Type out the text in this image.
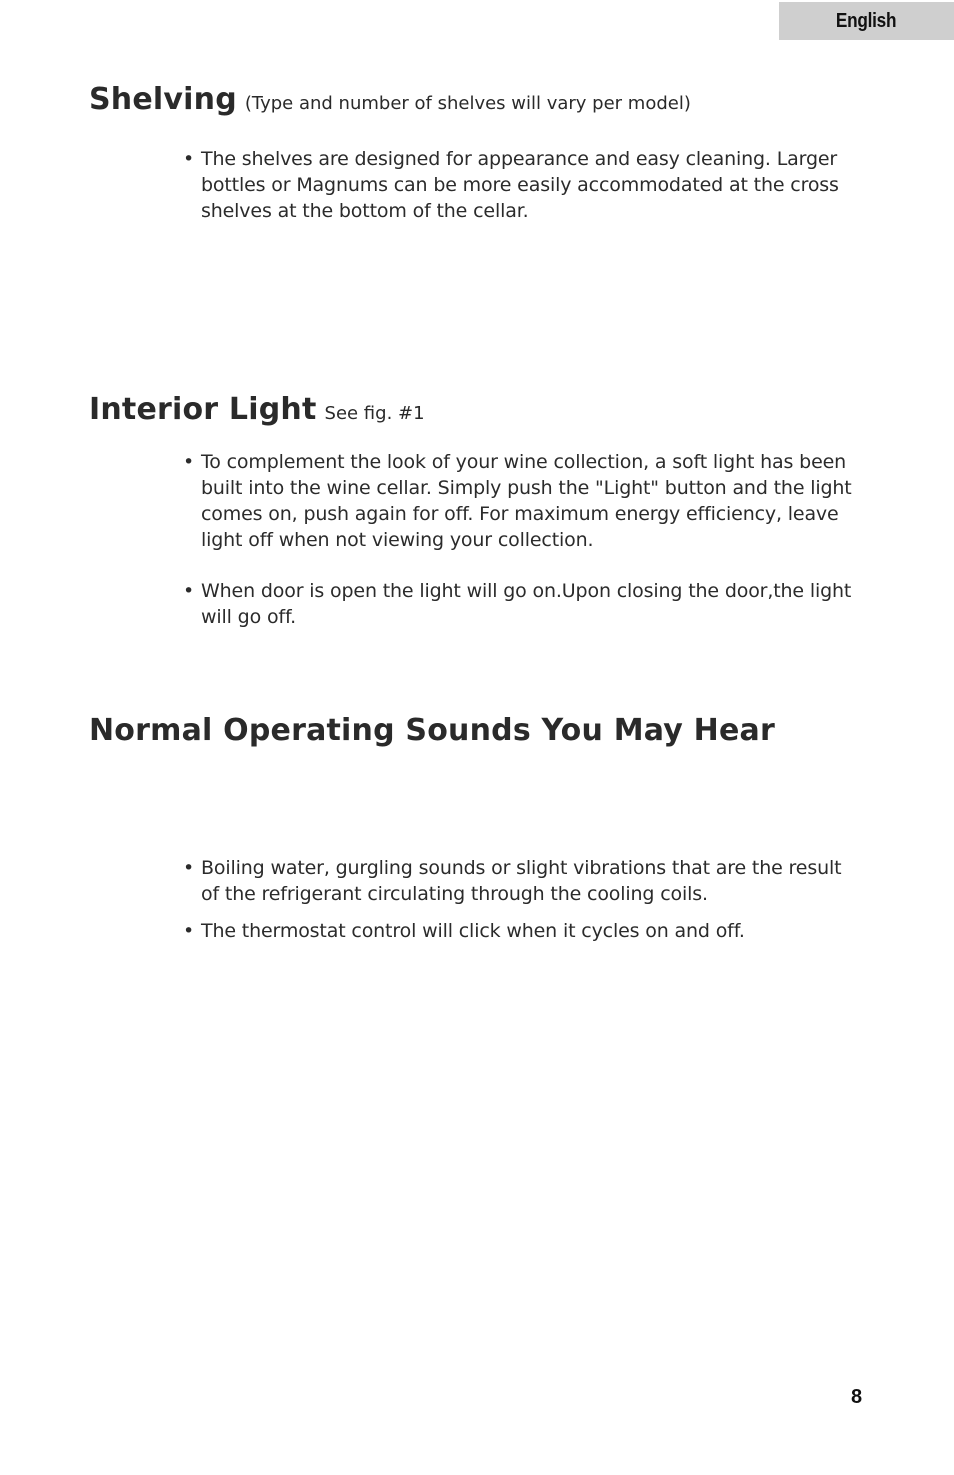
English
Shelving (Type and number of shelves will vary per model)
• The shelves are designed for appearance and easy cleaning. Larger bottles or Magnums can be more easily accommodated at the cross shelves at the bottom of the cellar.
Interior Light See fig. #1
• To complement the look of your wine collection, a soft light has been built into the wine cellar. Simply push the "Light" button and the light comes on, push again for off. For maximum energy efficiency, leave light off when not viewing your collection.
• When door is open the light will go on.Upon closing the door,the light will go off.
Normal Operating Sounds You May Hear
• Boiling water, gurgling sounds or slight vibrations that are the result of the refrigerant circulating through the cooling coils.
• The thermostat control will click when it cycles on and off.
8
